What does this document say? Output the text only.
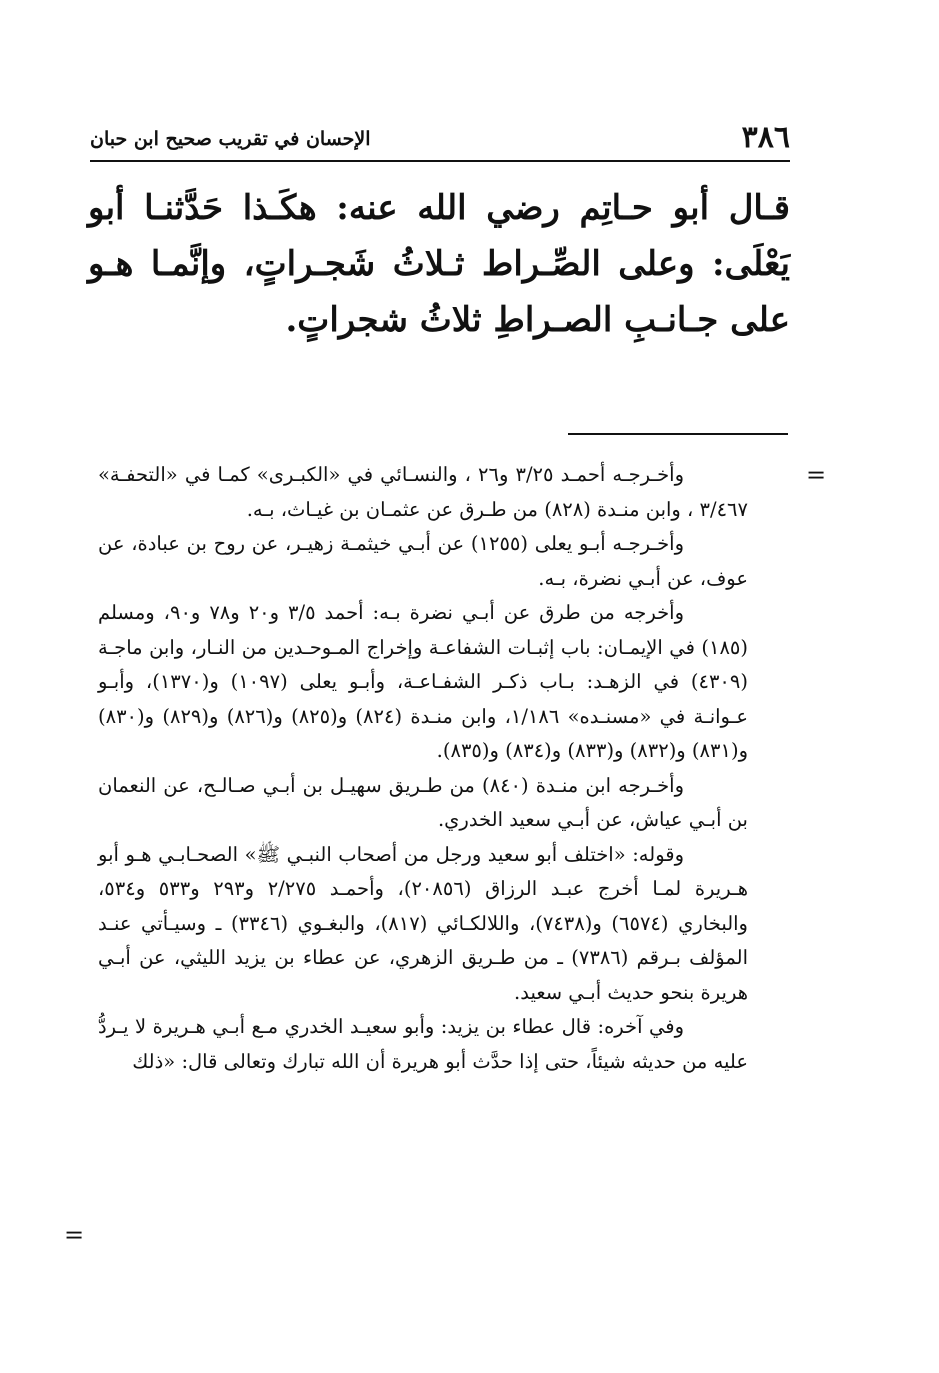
٣٨٦
الإحسان في تقريب صحيح ابن حبان

قـال أبو حـاتِم رضي الله عنه: هكَـذا حَدَّثنـا أبو يَعْلَى: وعلى الصِّـراط ثـلاثُ شَجـراتٍ، وإنَّمـا هـو على جـانـبِ الصـراطِ ثلاثُ شجراتٍ.

=

وأخـرجـه أحمـد ٣/٢٥ و٢٦ ، والنسـائي في «الكبـرى» كمـا في «التحفـة» ٣/٤٦٧ ، وابن منـدة (٨٢٨) من طـرق عن عثمـان بن غيـاث، بـه.

وأخـرجـه أبـو يعلى (١٢٥٥) عن أبـي خيثمـة زهيـر، عن روح بن عبادة، عن عوف، عن أبـي نضرة، بـه.

وأخرجه من طرق عن أبـي نضرة بـه: أحمد ٣/٥ و٢٠ و٧٨ و٩٠، ومسلم (١٨٥) في الإيمـان: باب إثبـات الشفاعـة وإخراج المـوحـدين من النـار، وابن ماجـة (٤٣٠٩) في الزهـد: بـاب ذكـر الشفـاعـة، وأبـو يعلى (١٠٩٧) و(١٣٧٠)، وأبـو عـوانـة في «مسنـده» ١/١٨٦، وابن منـدة (٨٢٤) و(٨٢٥) و(٨٢٦) و(٨٢٩) و(٨٣٠) و(٨٣١) و(٨٣٢) و(٨٣٣) و(٨٣٤) و(٨٣٥).

وأخـرجه ابن منـدة (٨٤٠) من طـريق سهيـل بن أبـي صـالـح، عن النعمان بن أبـي عياش، عن أبـي سعيد الخدري.

وقوله: «اختلف أبو سعيد ورجل من أصحاب النبـي ﷺ» الصحـابـي هـو أبو هـريرة لمـا أخرج عبـد الرزاق (٢٠٨٥٦)، وأحمـد ٢/٢٧٥ و٢٩٣ و٥٣٣ و٥٣٤، والبخاري (٦٥٧٤) و(٧٤٣٨)، واللالكـائي (٨١٧)، والبغـوي (٣٣٤٦) ـ وسيـأتي عنـد المؤلف بـرقم (٧٣٨٦) ـ من طـريق الزهري، عن عطاء بن يزيد الليثي، عن أبـي هريرة بنحو حديث أبـي سعيد.

وفي آخره: قال عطاء بن يزيد: وأبو سعيـد الخدري مـع أبـي هـريرة لا يـردُّ عليه من حديثه شيئاً، حتى إذا حدَّث أبو هريرة أن الله تبارك وتعالى قال: «ذلك

=
